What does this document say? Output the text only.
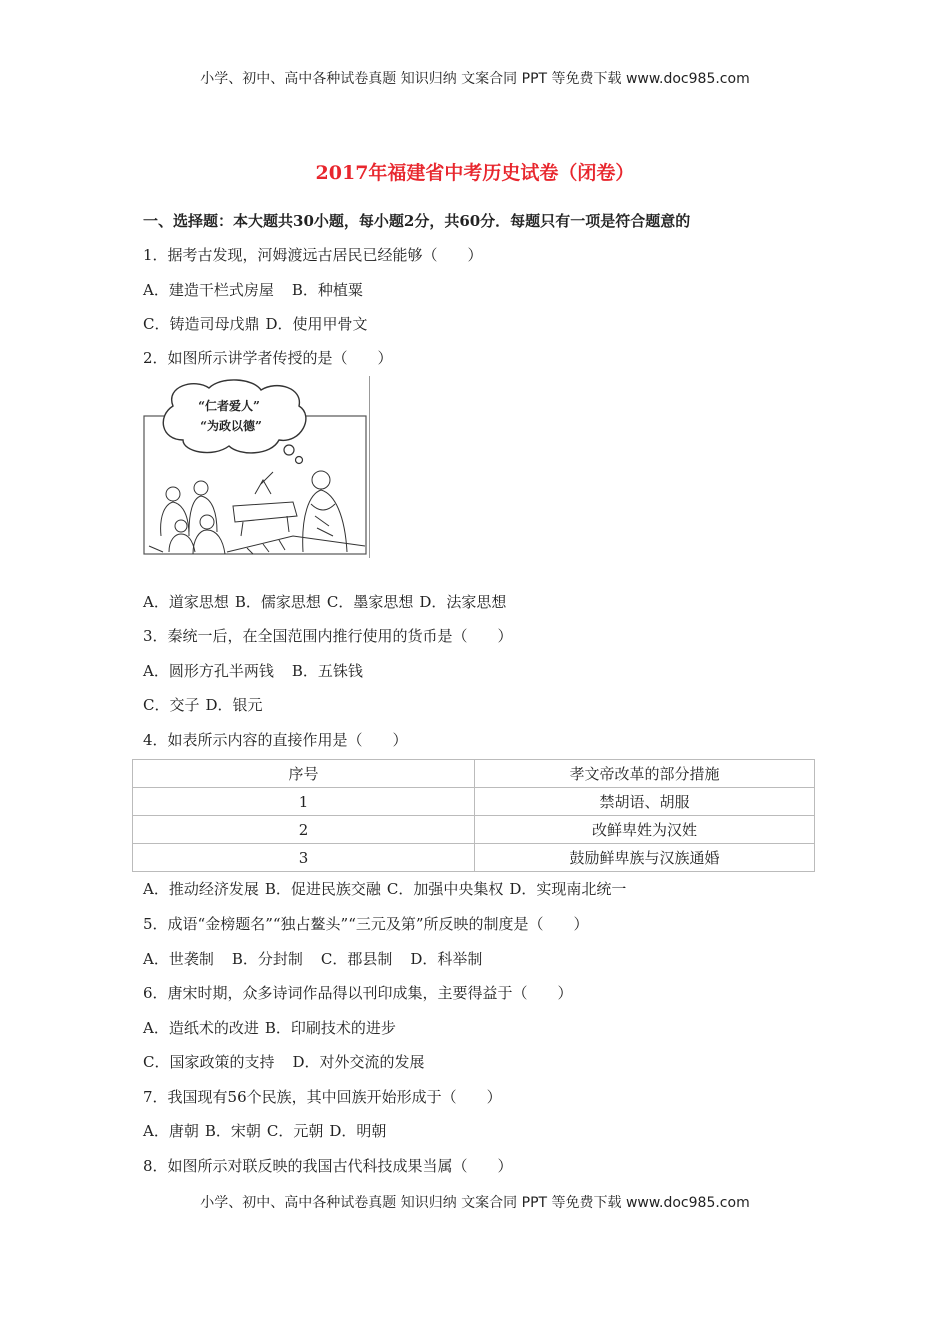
小学、初中、高中各种试卷真题 知识归纳 文案合同 PPT 等免费下载 www.doc985.com
2017年福建省中考历史试卷（闭卷）
一、选择题：本大题共30小题，每小题2分，共60分．每题只有一项是符合题意的
1．据考古发现，河姆渡远古居民已经能够（　　）
A．建造干栏式房屋 B．种植粟
C．铸造司母戊鼎 D．使用甲骨文
2．如图所示讲学者传授的是（　　）
“仁者爱人”
“为政以德”
A．道家思想 B．儒家思想 C．墨家思想 D．法家思想
3．秦统一后，在全国范围内推行使用的货币是（　　）
A．圆形方孔半两钱 B．五铢钱
C．交子 D．银元
4．如表所示内容的直接作用是（　　）
序号	孝文帝改革的部分措施
1	禁胡语、胡服
2	改鲜卑姓为汉姓
3	鼓励鲜卑族与汉族通婚
A．推动经济发展 B．促进民族交融 C．加强中央集权 D．实现南北统一
5．成语“金榜题名”“独占鳌头”“三元及第”所反映的制度是（　　）
A．世袭制 B．分封制 C．郡县制 D．科举制
6．唐宋时期，众多诗词作品得以刊印成集，主要得益于（　　）
A．造纸术的改进 B．印刷技术的进步
C．国家政策的支持 D．对外交流的发展
7．我国现有56个民族，其中回族开始形成于（　　）
A．唐朝 B．宋朝 C．元朝 D．明朝
8．如图所示对联反映的我国古代科技成果当属（　　）
小学、初中、高中各种试卷真题 知识归纳 文案合同 PPT 等免费下载 www.doc985.com
